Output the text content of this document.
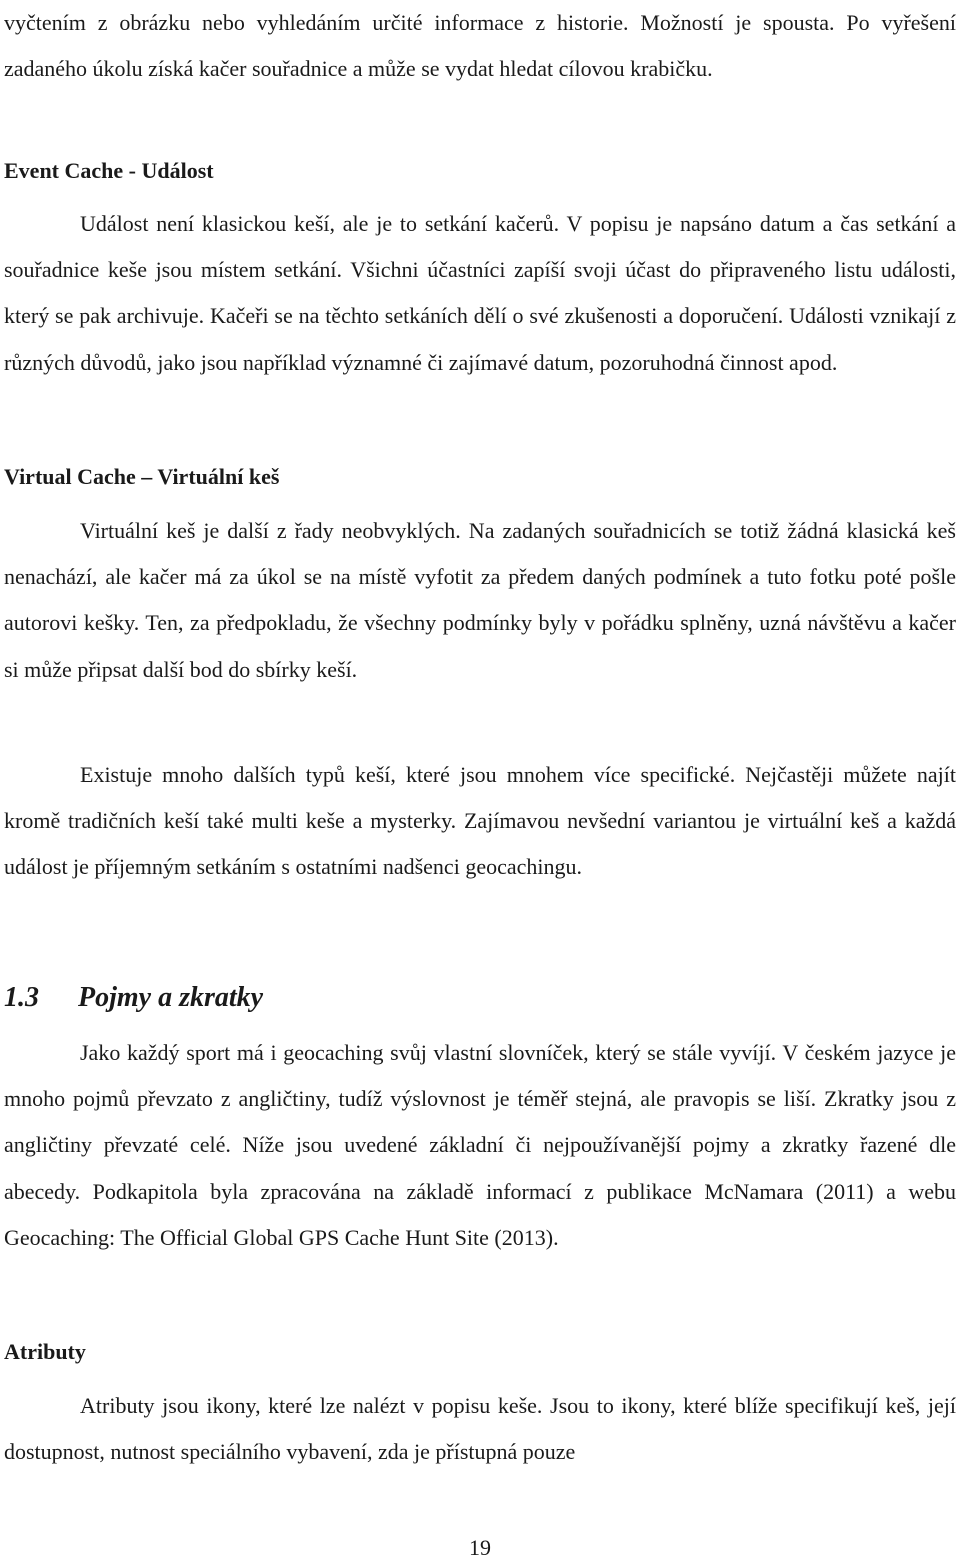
vyčtením z obrázku nebo vyhledáním určité informace z historie. Možností je spousta. Po vyřešení zadaného úkolu získá kačer souřadnice a může se vydat hledat cílovou krabičku.

Event Cache - Událost

Událost není klasickou keší, ale je to setkání kačerů. V popisu je napsáno datum a čas setkání a souřadnice keše jsou místem setkání. Všichni účastníci zapíší svoji účast do připraveného listu události, který se pak archivuje. Kačeři se na těchto setkáních dělí o své zkušenosti a doporučení. Události vznikají z různých důvodů, jako jsou například významné či zajímavé datum, pozoruhodná činnost apod.

Virtual Cache – Virtuální keš

Virtuální keš je další z řady neobvyklých. Na zadaných souřadnicích se totiž žádná klasická keš nenachází, ale kačer má za úkol se na místě vyfotit za předem daných podmínek a tuto fotku poté pošle autorovi kešky. Ten, za předpokladu, že všechny podmínky byly v pořádku splněny, uzná návštěvu a kačer si může připsat další bod do sbírky keší.

Existuje mnoho dalších typů keší, které jsou mnohem více specifické. Nejčastěji můžete najít kromě tradičních keší také multi keše a mysterky. Zajímavou nevšední variantou je virtuální keš a každá událost je příjemným setkáním s ostatními nadšenci geocachingu.

1.3 Pojmy a zkratky

Jako každý sport má i geocaching svůj vlastní slovníček, který se stále vyvíjí. V českém jazyce je mnoho pojmů převzato z angličtiny, tudíž výslovnost je téměř stejná, ale pravopis se liší. Zkratky jsou z angličtiny převzaté celé. Níže jsou uvedené základní či nejpoužívanější pojmy a zkratky řazené dle abecedy. Podkapitola byla zpracována na základě informací z publikace McNamara (2011) a webu Geocaching: The Official Global GPS Cache Hunt Site (2013).

Atributy

Atributy jsou ikony, které lze nalézt v popisu keše. Jsou to ikony, které blíže specifikují keš, její dostupnost, nutnost speciálního vybavení, zda je přístupná pouze

19
